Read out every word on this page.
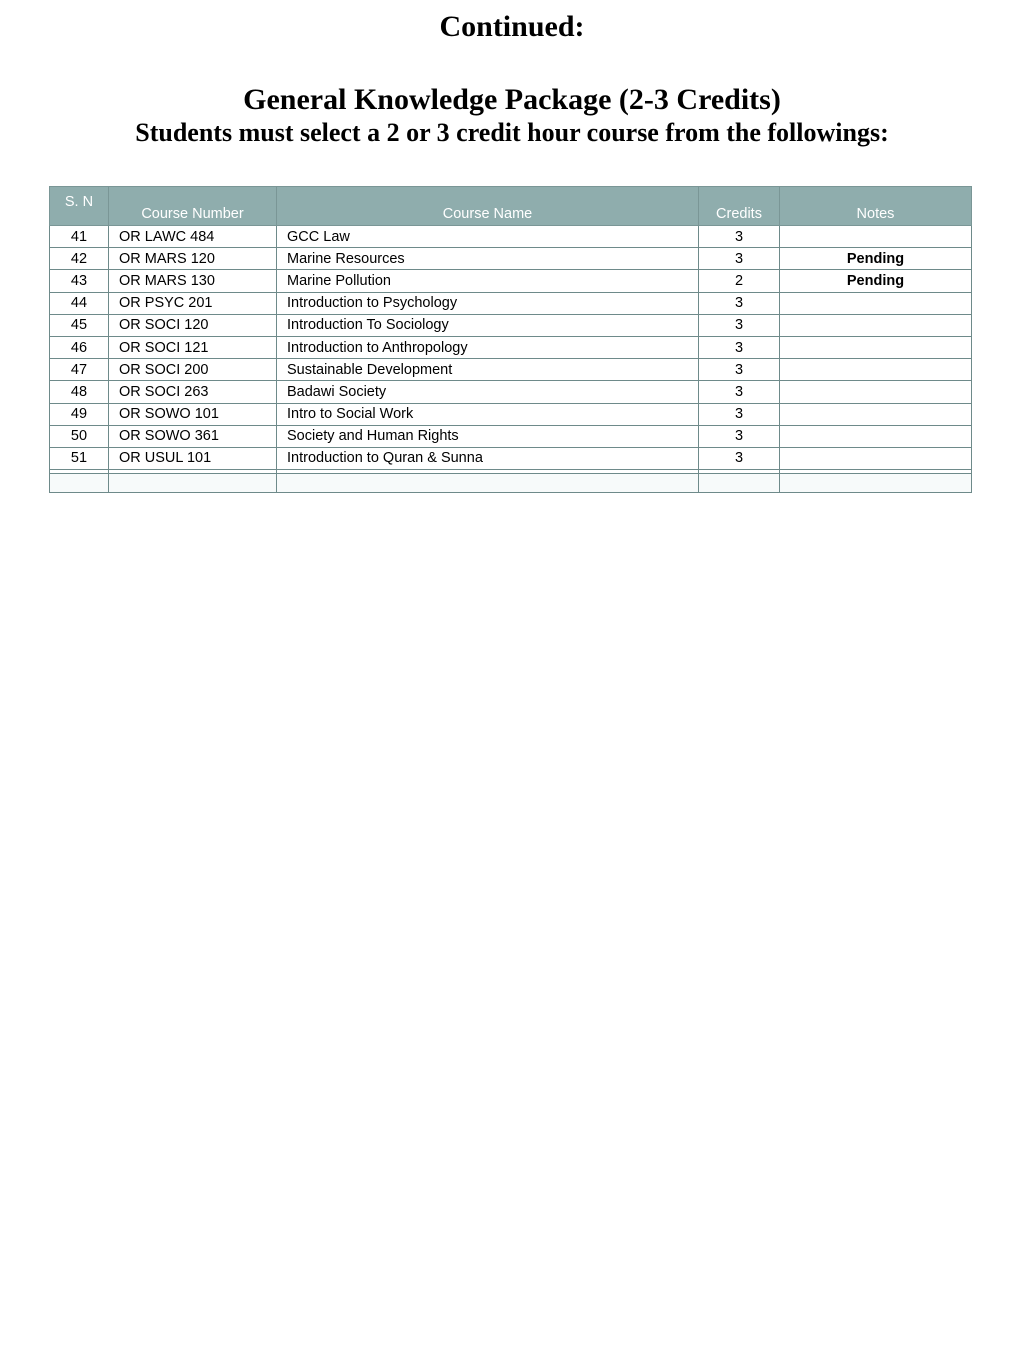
Continued:
General Knowledge Package (2-3 Credits)
Students must select a 2 or 3 credit hour course from the followings:
S. N	Course Number	Course Name	Credits	Notes
41	OR LAWC 484	GCC Law	3	
42	OR MARS 120	Marine Resources	3	Pending
43	OR MARS 130	Marine Pollution	2	Pending
44	OR PSYC 201	Introduction to Psychology	3	
45	OR SOCI 120	Introduction To Sociology	3	
46	OR SOCI 121	Introduction to Anthropology	3	
47	OR SOCI 200	Sustainable Development	3	
48	OR SOCI 263	Badawi Society	3	
49	OR SOWO 101	Intro to Social Work	3	
50	OR SOWO 361	Society and Human Rights	3	
51	OR USUL 101	Introduction to Quran & Sunna	3	
